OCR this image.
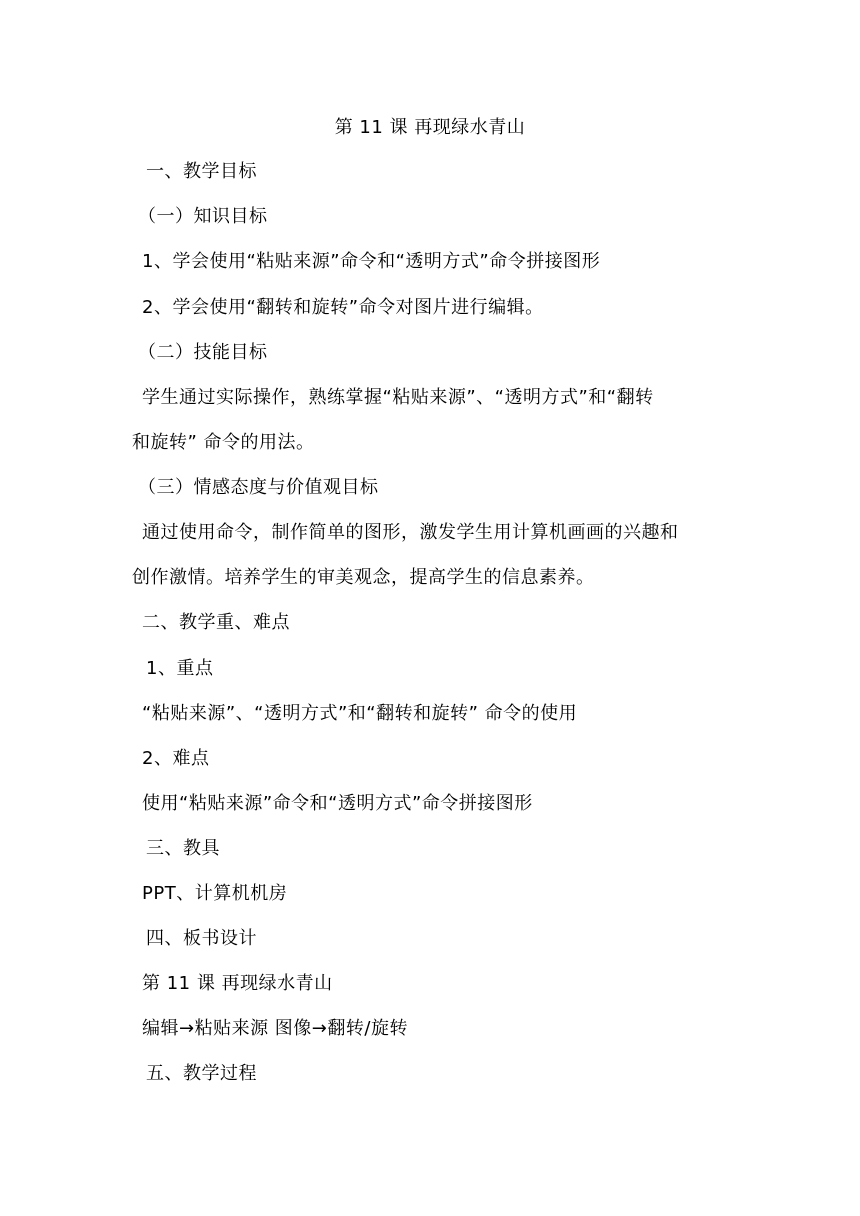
第 11 课 再现绿水青山
一、教学目标
（一）知识目标
1、学会使用“粘贴来源”命令和“透明方式”命令拼接图形
2、学会使用“翻转和旋转”命令对图片进行编辑。
（二）技能目标
学生通过实际操作，熟练掌握“粘贴来源”、“透明方式”和“翻转
和旋转” 命令的用法。
（三）情感态度与价值观目标
通过使用命令，制作简单的图形，激发学生用计算机画画的兴趣和
创作激情。培养学生的审美观念，提高学生的信息素养。
二、教学重、难点
1、重点
“粘贴来源”、“透明方式”和“翻转和旋转” 命令的使用
2、难点
使用“粘贴来源”命令和“透明方式”命令拼接图形
三、教具
PPT、计算机机房
四、板书设计
第 11 课 再现绿水青山
编辑→粘贴来源 图像→翻转/旋转
五、教学过程
